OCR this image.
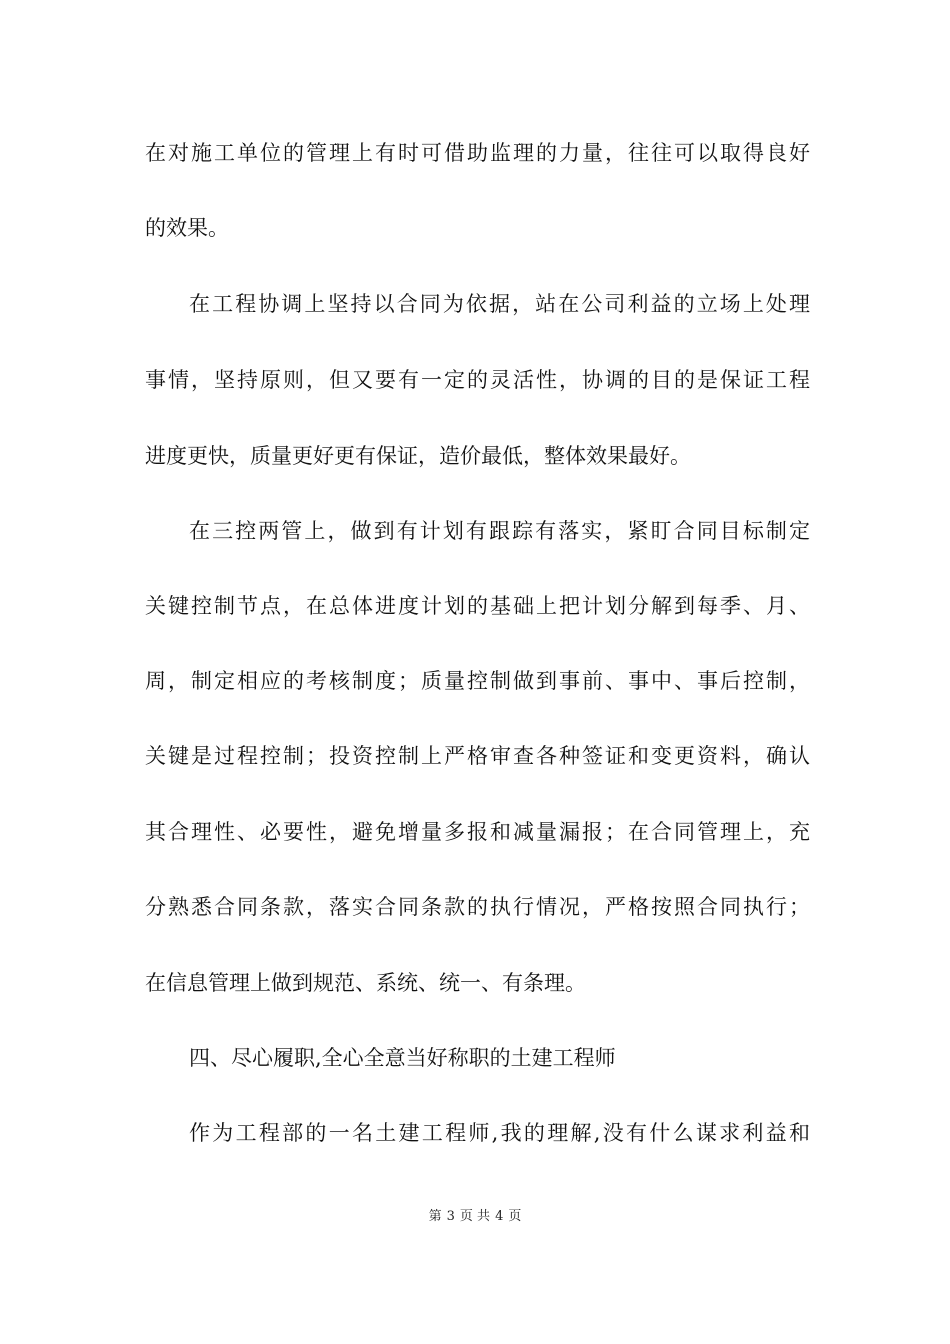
在对施工单位的管理上有时可借助监理的力量，往往可以取得良好
的效果。
在工程协调上坚持以合同为依据，站在公司利益的立场上处理
事情，坚持原则，但又要有一定的灵活性，协调的目的是保证工程
进度更快，质量更好更有保证，造价最低，整体效果最好。
在三控两管上，做到有计划有跟踪有落实，紧盯合同目标制定
关键控制节点，在总体进度计划的基础上把计划分解到每季、月、
周，制定相应的考核制度；质量控制做到事前、事中、事后控制，
关键是过程控制；投资控制上严格审查各种签证和变更资料，确认
其合理性、必要性，避免增量多报和减量漏报；在合同管理上，充
分熟悉合同条款，落实合同条款的执行情况，严格按照合同执行；
在信息管理上做到规范、系统、统一、有条理。
四、尽心履职,全心全意当好称职的土建工程师
作为工程部的一名土建工程师,我的理解,没有什么谋求利益和
第 3 页 共 4 页
